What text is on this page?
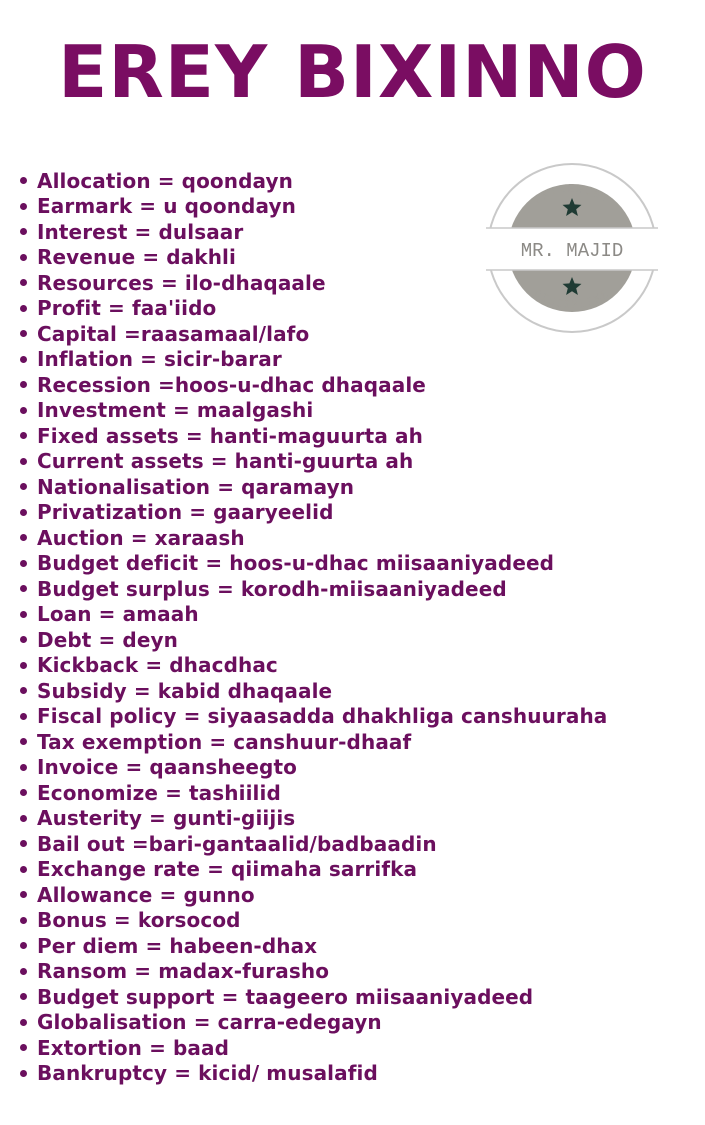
EREY BIXINNO
PATIENCE!
DISCIPLINE
MR. MAJID
Allocation = qoondayn
Earmark = u qoondayn
Interest = dulsaar
Revenue = dakhli
Resources = ilo-dhaqaale
Profit = faa'iido
Capital =raasamaal/lafo
Inflation = sicir-barar
Recession =hoos-u-dhac dhaqaale
Investment = maalgashi
Fixed assets = hanti-maguurta ah
Current assets = hanti-guurta ah
Nationalisation = qaramayn
Privatization = gaaryeelid
Auction = xaraash
Budget deficit = hoos-u-dhac miisaaniyadeed
Budget surplus = korodh-miisaaniyadeed
Loan = amaah
Debt = deyn
Kickback = dhacdhac
Subsidy = kabid dhaqaale
Fiscal policy = siyaasadda dhakhliga canshuuraha
Tax exemption = canshuur-dhaaf
Invoice = qaansheegto
Economize = tashiilid
Austerity = gunti-giijis
Bail out =bari-gantaalid/badbaadin
Exchange rate = qiimaha sarrifka
Allowance = gunno
Bonus = korsocod
Per diem = habeen-dhax
Ransom = madax-furasho
Budget support = taageero miisaaniyadeed
Globalisation = carra-edegayn
Extortion = baad
Bankruptcy = kicid/ musalafid
